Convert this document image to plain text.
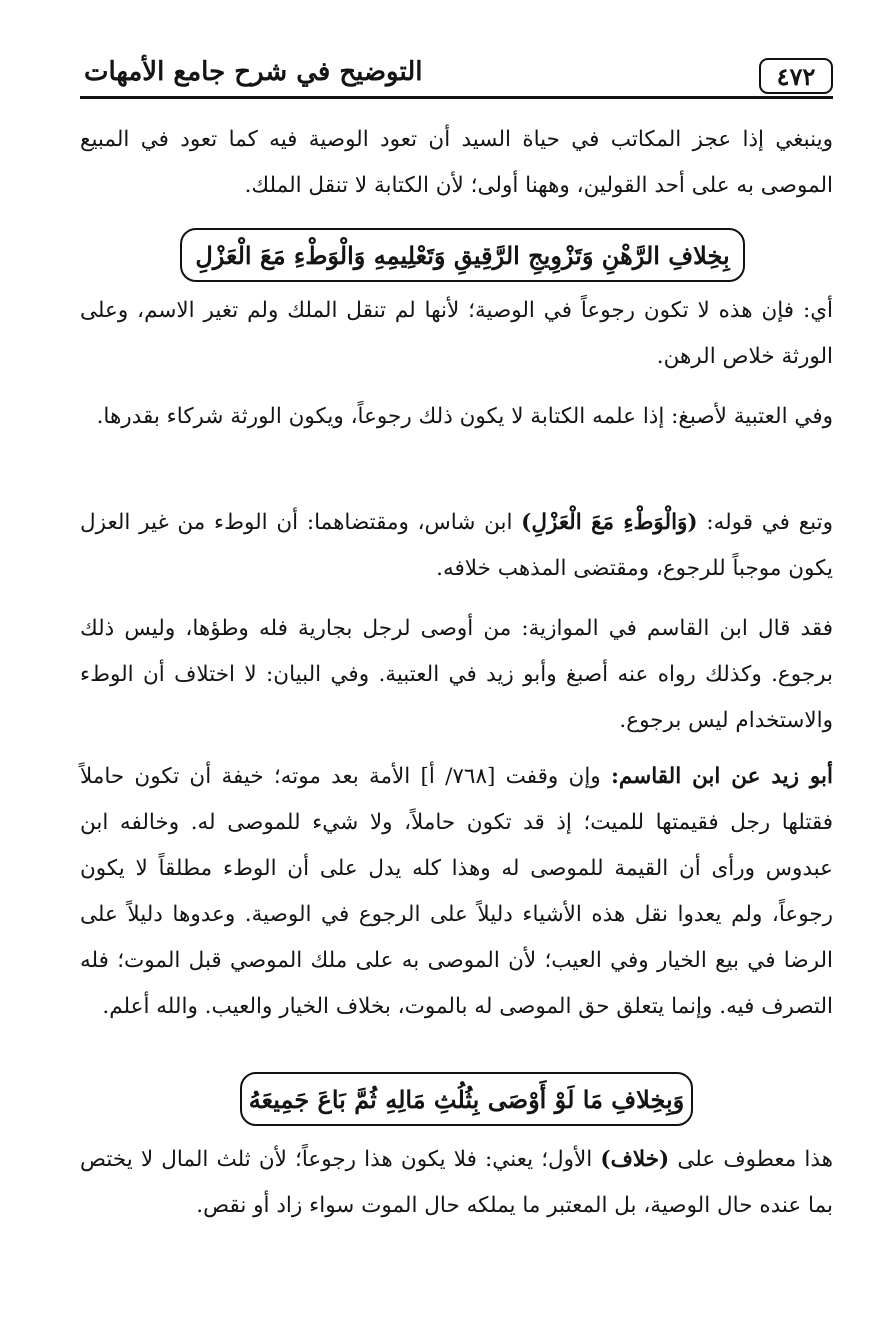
٤٧٢
التوضيح في شرح جامع الأمهات

وينبغي إذا عجز المكاتب في حياة السيد أن تعود الوصية فيه كما تعود في المبيع الموصى به على أحد القولين، وههنا أولى؛ لأن الكتابة لا تنقل الملك.

بِخِلافِ الرَّهْنِ وَتَزْوِيجِ الرَّقِيقِ وَتَعْلِيمِهِ وَالْوَطْءِ مَعَ الْعَزْلِ

أي: فإن هذه لا تكون رجوعاً في الوصية؛ لأنها لم تنقل الملك ولم تغير الاسم، وعلى الورثة خلاص الرهن.

وفي العتبية لأصبغ: إذا علمه الكتابة لا يكون ذلك رجوعاً، ويكون الورثة شركاء بقدرها.

وتبع في قوله: (وَالْوَطْءِ مَعَ الْعَزْلِ) ابن شاس، ومقتضاهما: أن الوطء من غير العزل يكون موجباً للرجوع، ومقتضى المذهب خلافه.

فقد قال ابن القاسم في الموازية: من أوصى لرجل بجارية فله وطؤها، وليس ذلك برجوع. وكذلك رواه عنه أصبغ وأبو زيد في العتبية. وفي البيان: لا اختلاف أن الوطء والاستخدام ليس برجوع.

أبو زيد عن ابن القاسم: وإن وقفت [٧٦٨/ أ] الأمة بعد موته؛ خيفة أن تكون حاملاً فقتلها رجل فقيمتها للميت؛ إذ قد تكون حاملاً، ولا شيء للموصى له. وخالفه ابن عبدوس ورأى أن القيمة للموصى له وهذا كله يدل على أن الوطء مطلقاً لا يكون رجوعاً، ولم يعدوا نقل هذه الأشياء دليلاً على الرجوع في الوصية. وعدوها دليلاً على الرضا في بيع الخيار وفي العيب؛ لأن الموصى به على ملك الموصي قبل الموت؛ فله التصرف فيه. وإنما يتعلق حق الموصى له بالموت، بخلاف الخيار والعيب. والله أعلم.

وَبِخِلافِ مَا لَوْ أَوْصَى بِثُلُثِ مَالِهِ ثُمَّ بَاعَ جَمِيعَهُ

هذا معطوف على (خلاف) الأول؛ يعني: فلا يكون هذا رجوعاً؛ لأن ثلث المال لا يختص بما عنده حال الوصية، بل المعتبر ما يملكه حال الموت سواء زاد أو نقص.
